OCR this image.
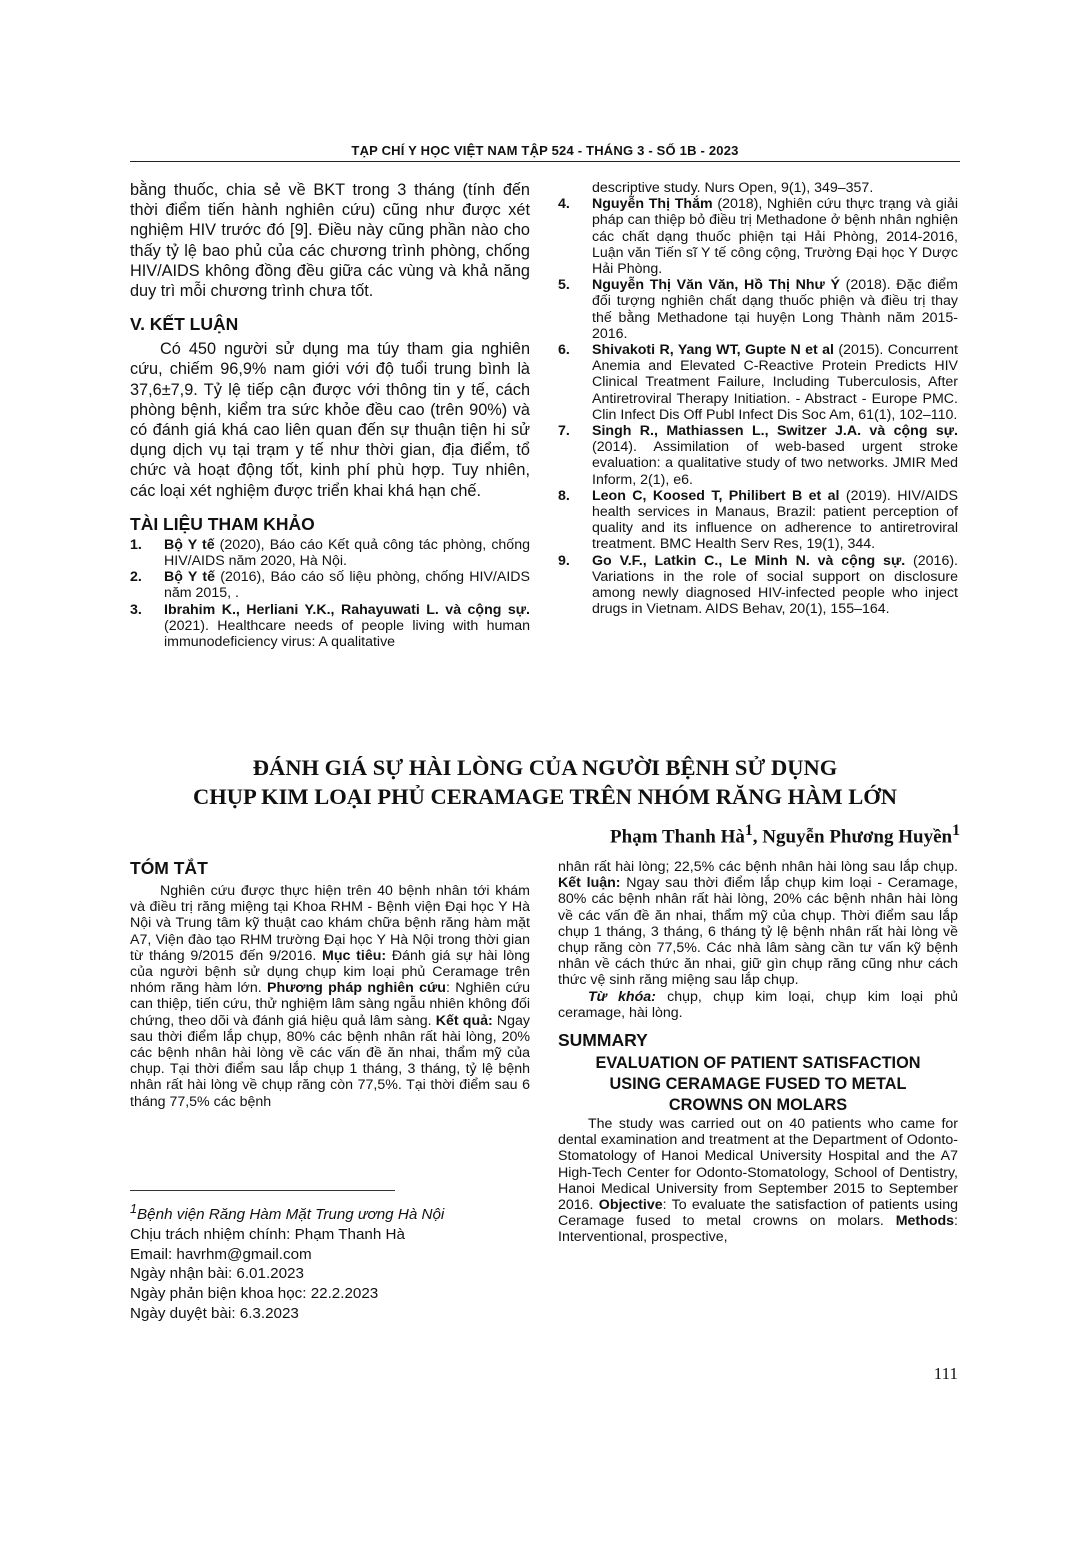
TẠP CHÍ Y HỌC VIỆT NAM TẬP 524 - THÁNG 3 - SỐ 1B - 2023

bằng thuốc, chia sẻ về BKT trong 3 tháng (tính đến thời điểm tiến hành nghiên cứu) cũng như được xét nghiệm HIV trước đó [9]. Điều này cũng phần nào cho thấy tỷ lệ bao phủ của các chương trình phòng, chống HIV/AIDS không đồng đều giữa các vùng và khả năng duy trì mỗi chương trình chưa tốt.

V. KẾT LUẬN

Có 450 người sử dụng ma túy tham gia nghiên cứu, chiếm 96,9% nam giới với độ tuổi trung bình là 37,6±7,9. Tỷ lệ tiếp cận được với thông tin y tế, cách phòng bệnh, kiểm tra sức khỏe đều cao (trên 90%) và có đánh giá khá cao liên quan đến sự thuận tiện hi sử dụng dịch vụ tại trạm y tế như thời gian, địa điểm, tổ chức và hoạt động tốt, kinh phí phù hợp. Tuy nhiên, các loại xét nghiệm được triển khai khá hạn chế.

TÀI LIỆU THAM KHẢO
1.	Bộ Y tế (2020), Báo cáo Kết quả công tác phòng, chống HIV/AIDS năm 2020, Hà Nội.
2.	Bộ Y tế (2016), Báo cáo số liệu phòng, chống HIV/AIDS năm 2015, .
3.	Ibrahim K., Herliani Y.K., Rahayuwati L. và cộng sự. (2021). Healthcare needs of people living with human immunodeficiency virus: A qualitative
descriptive study. Nurs Open, 9(1), 349–357.
4.	Nguyễn Thị Thắm (2018), Nghiên cứu thực trạng và giải pháp can thiệp bỏ điều trị Methadone ở bệnh nhân nghiện các chất dạng thuốc phiện tại Hải Phòng, 2014-2016, Luận văn Tiến sĩ Y tế công cộng, Trường Đại học Y Dược Hải Phòng.
5.	Nguyễn Thị Văn Văn, Hồ Thị Như Ý (2018). Đặc điểm đối tượng nghiên chất dạng thuốc phiện và điều trị thay thế bằng Methadone tại huyện Long Thành năm 2015-2016.
6.	Shivakoti R, Yang WT, Gupte N et al (2015). Concurrent Anemia and Elevated C-Reactive Protein Predicts HIV Clinical Treatment Failure, Including Tuberculosis, After Antiretroviral Therapy Initiation. - Abstract - Europe PMC. Clin Infect Dis Off Publ Infect Dis Soc Am, 61(1), 102–110.
7.	Singh R., Mathiassen L., Switzer J.A. và cộng sự. (2014). Assimilation of web-based urgent stroke evaluation: a qualitative study of two networks. JMIR Med Inform, 2(1), e6.
8.	Leon C, Koosed T, Philibert B et al (2019). HIV/AIDS health services in Manaus, Brazil: patient perception of quality and its influence on adherence to antiretroviral treatment. BMC Health Serv Res, 19(1), 344.
9.	Go V.F., Latkin C., Le Minh N. và cộng sự. (2016). Variations in the role of social support on disclosure among newly diagnosed HIV-infected people who inject drugs in Vietnam. AIDS Behav, 20(1), 155–164.
ĐÁNH GIÁ SỰ HÀI LÒNG CỦA NGƯỜI BỆNH SỬ DỤNG
CHỤP KIM LOẠI PHỦ CERAMAGE TRÊN NHÓM RĂNG HÀM LỚN
Phạm Thanh $Hà^1$, Nguyễn Phương Huyền$^1$
TÓM TẮT

Nghiên cứu được thực hiện trên 40 bệnh nhân tới khám và điều trị răng miệng tại Khoa RHM - Bệnh viện Đại học Y Hà Nội và Trung tâm kỹ thuật cao khám chữa bệnh răng hàm mặt A7, Viện đào tạo RHM trường Đại học Y Hà Nội trong thời gian từ tháng 9/2015 đến 9/2016. Mục tiêu: Đánh giá sự hài lòng của người bệnh sử dụng chụp kim loại phủ Ceramage trên nhóm răng hàm lớn. Phương pháp nghiên cứu: Nghiên cứu can thiệp, tiến cứu, thử nghiệm lâm sàng ngẫu nhiên không đối chứng, theo dõi và đánh giá hiệu quả lâm sàng. Kết quả: Ngay sau thời điểm lắp chụp, 80% các bệnh nhân rất hài lòng, 20% các bệnh nhân hài lòng về các vấn đề ăn nhai, thẩm mỹ của chụp. Tại thời điểm sau lắp chụp 1 tháng, 3 tháng, tỷ lệ bệnh nhân rất hài lòng về chụp răng còn 77,5%. Tại thời điểm sau 6 tháng 77,5% các bệnh

$^1$Bệnh viện Răng Hàm Mặt Trung ương Hà Nội
Chịu trách nhiệm chính: Phạm Thanh Hà
Email: havrhm@gmail.com
Ngày nhận bài: 6.01.2023
Ngày phản biện khoa học: 22.2.2023
Ngày duyệt bài: 6.3.2023

nhân rất hài lòng; 22,5% các bệnh nhân hài lòng sau lắp chụp. Kết luận: Ngay sau thời điểm lắp chụp kim loại - Ceramage, 80% các bệnh nhân rất hài lòng, 20% các bệnh nhân hài lòng về các vấn đề ăn nhai, thẩm mỹ của chụp. Thời điểm sau lắp chụp 1 tháng, 3 tháng, 6 tháng tỷ lệ bệnh nhân rất hài lòng về chụp răng còn 77,5%. Các nhà lâm sàng cần tư vấn kỹ bệnh nhân về cách thức ăn nhai, giữ gìn chụp răng cũng như cách thức vệ sinh răng miệng sau lắp chụp.

Từ khóa: chụp, chụp kim loại, chụp kim loại phủ ceramage, hài lòng.

SUMMARY
EVALUATION OF PATIENT SATISFACTION
USING CERAMAGE FUSED TO METAL
CROWNS ON MOLARS

The study was carried out on 40 patients who came for dental examination and treatment at the Department of Odonto-Stomatology of Hanoi Medical University Hospital and the A7 High-Tech Center for Odonto-Stomatology, School of Dentistry, Hanoi Medical University from September 2015 to September 2016. Objective: To evaluate the satisfaction of patients using Ceramage fused to metal crowns on molars. Methods: Interventional, prospective,

111
